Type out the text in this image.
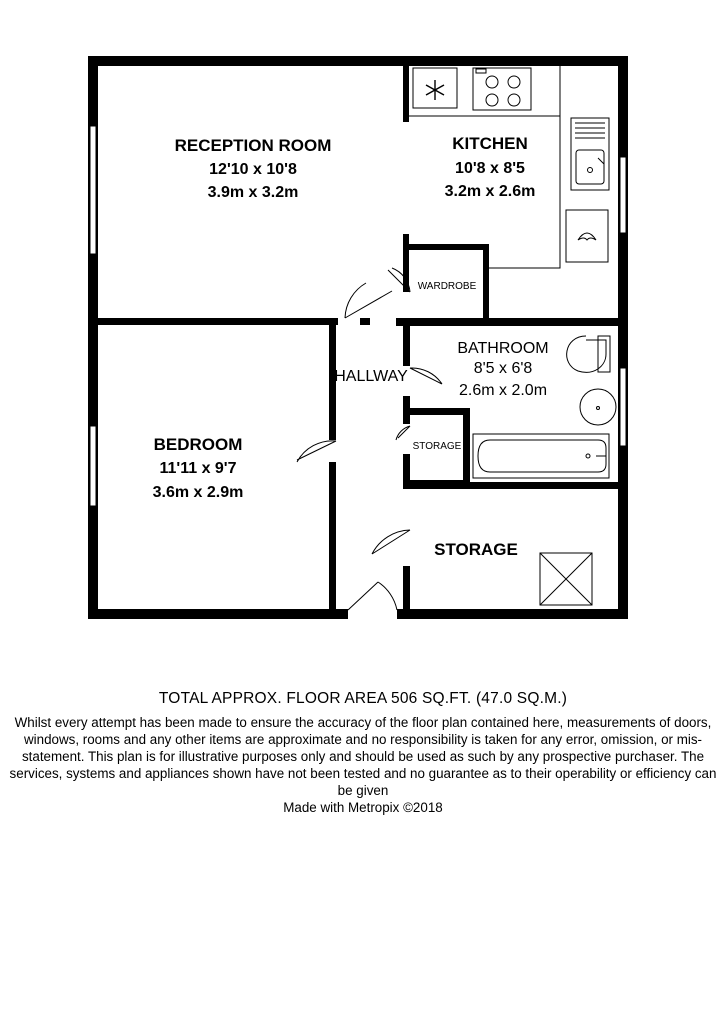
RECEPTION ROOM
12'10 x 10'8
3.9m x 3.2m
KITCHEN
10'8 x 8'5
3.2m x 2.6m
BATHROOM
8'5 x 6'8
2.6m x 2.0m
BEDROOM
11'11 x 9'7
3.6m x 2.9m
HALLWAY
WARDROBE
STORAGE
STORAGE
TOTAL APPROX. FLOOR AREA 506 SQ.FT. (47.0 SQ.M.)
Whilst every attempt has been made to ensure the accuracy of the floor plan contained here, measurements of doors, windows, rooms and any other items are approximate and no responsibility is taken for any error, omission, or mis-statement. This plan is for illustrative purposes only and should be used as such by any prospective purchaser. The services, systems and appliances shown have not been tested and no guarantee as to their operability or efficiency can be given
Made with Metropix ©2018
